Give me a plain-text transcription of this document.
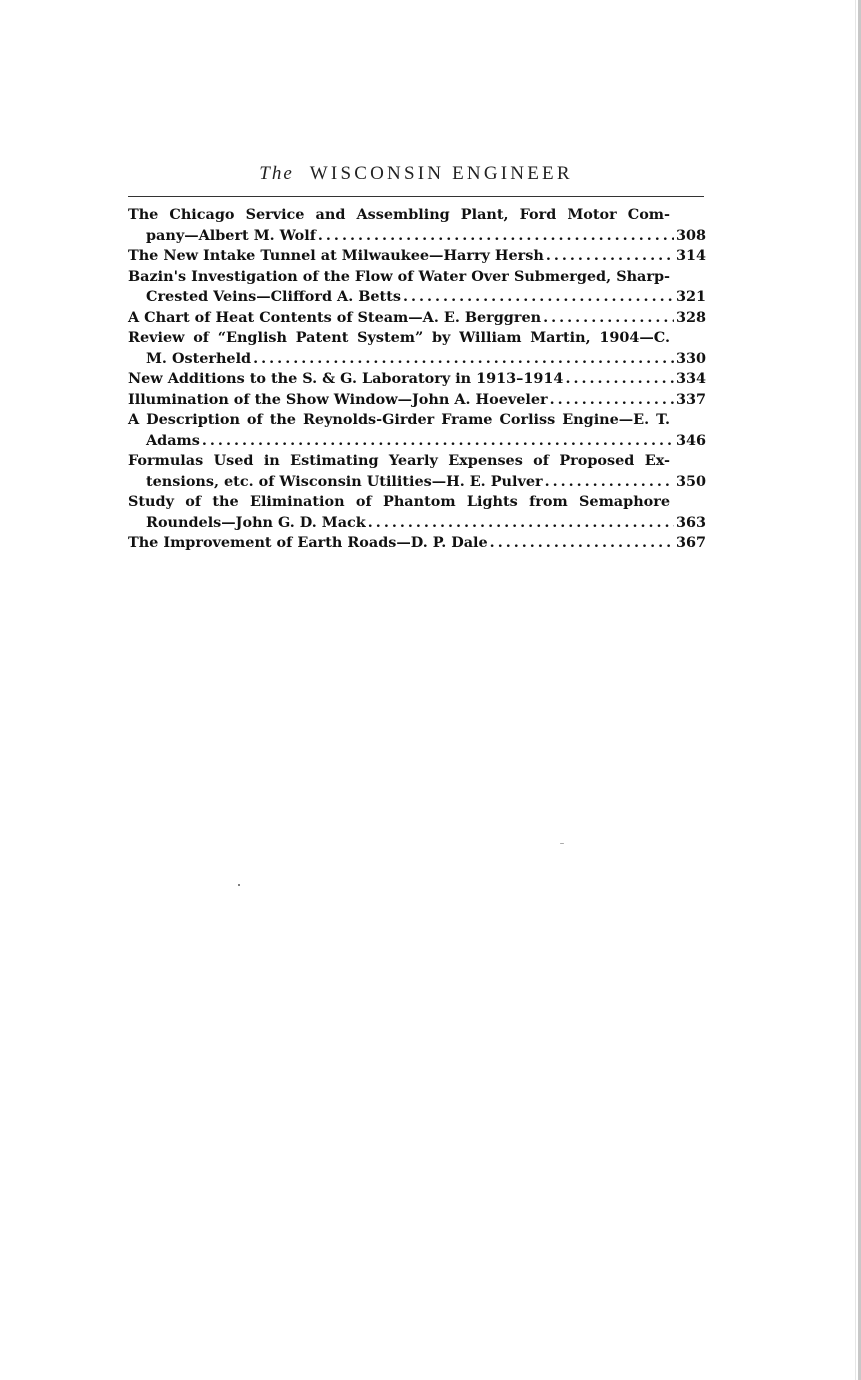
The WISCONSIN ENGINEER
The Chicago Service and Assembling Plant, Ford Motor Com-
pany—Albert M. Wolf . . .	308
The New Intake Tunnel at Milwaukee—Harry Hersh . . .	314
Bazin's Investigation of the Flow of Water Over Submerged, Sharp-
Crested Veins—Clifford A. Betts . . .	321
A Chart of Heat Contents of Steam—A. E. Berggren . . .	328
Review of “English Patent System” by William Martin, 1904—C.
M. Osterheld . . .	330
New Additions to the S. & G. Laboratory in 1913–1914 . . .	334
Illumination of the Show Window—John A. Hoeveler . . .	337
A Description of the Reynolds-Girder Frame Corliss Engine—E. T.
Adams . . .	346
Formulas Used in Estimating Yearly Expenses of Proposed Ex-
tensions, etc. of Wisconsin Utilities—H. E. Pulver . . .	350
Study of the Elimination of Phantom Lights from Semaphore
Roundels—John G. D. Mack . . .	363
The Improvement of Earth Roads—D. P. Dale . . .	367
